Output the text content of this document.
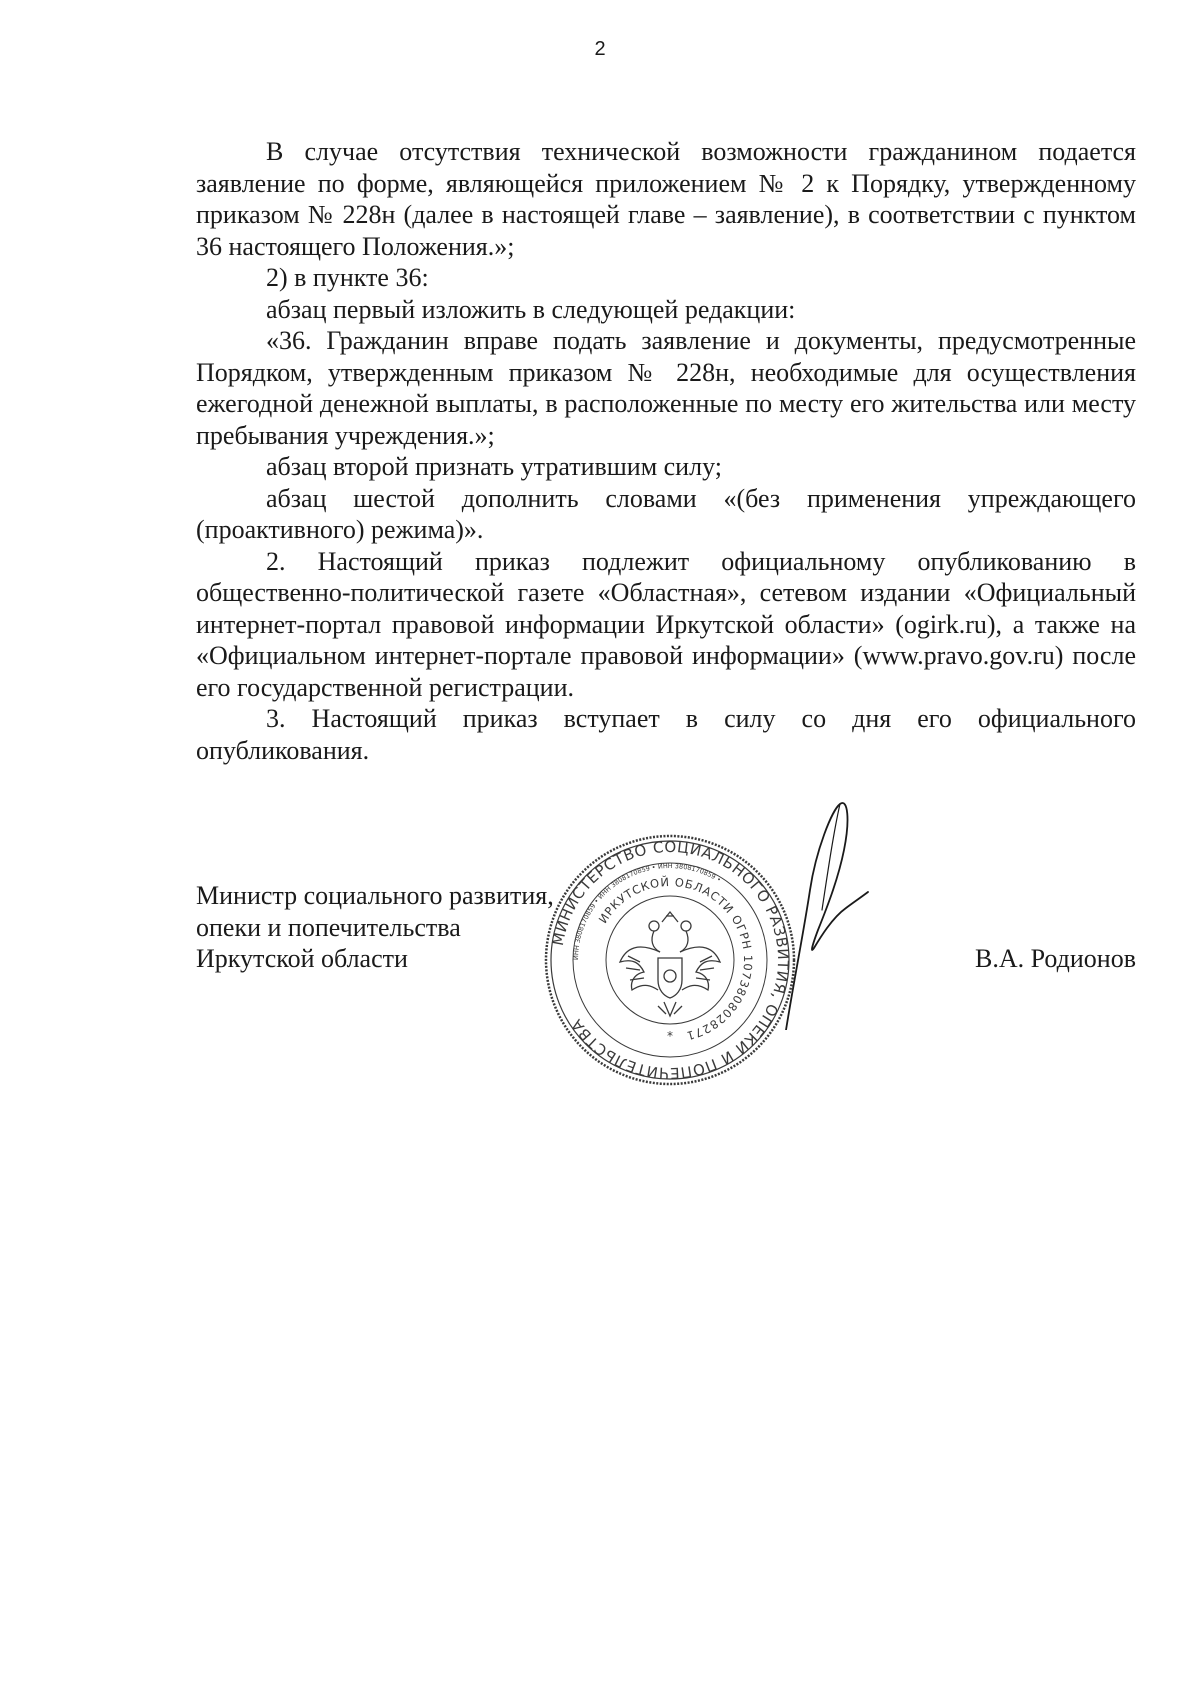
2

В случае отсутствия технической возможности гражданином подается заявление по форме, являющейся приложением № 2 к Порядку, утвержденному приказом № 228н (далее в настоящей главе – заявление), в соответствии с пунктом 36 настоящего Положения.»;

2) в пункте 36:

абзац первый изложить в следующей редакции:

«36. Гражданин вправе подать заявление и документы, предусмотренные Порядком, утвержденным приказом № 228н, необходимые для осуществления ежегодной денежной выплаты, в расположенные по месту его жительства или месту пребывания учреждения.»;

абзац второй признать утратившим силу;

абзац шестой дополнить словами «(без применения упреждающего (проактивного) режима)».

2. Настоящий приказ подлежит официальному опубликованию в общественно-политической газете «Областная», сетевом издании «Официальный интернет-портал правовой информации Иркутской области» (ogirk.ru), а также на «Официальном интернет-портале правовой информации» (www.pravo.gov.ru) после его государственной регистрации.

3. Настоящий приказ вступает в силу со дня его официального опубликования.

Министр социального развития,
опеки и попечительства
Иркутской области
МИНИСТЕРСТВО СОЦИАЛЬНОГО РАЗВИТИЯ, ОПЕКИ И ПОПЕЧИТЕЛЬСТВА
ИНН 3808170859 • ИНН 3808170859 • ИНН 3808170859 •
ИРКУТСКОЙ ОБЛАСТИ ОГРН 1073808028271
*
В.А. Родионов
